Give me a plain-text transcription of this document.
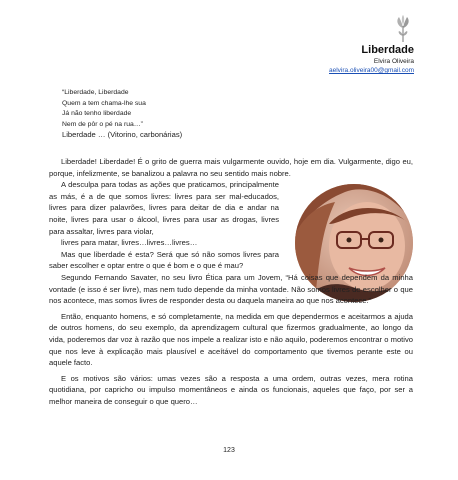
Liberdade
Elvira Oliveira
aelvira.oliveira00@gmail.com
“Liberdade, Liberdade
Quem a tem chama-lhe sua
Já não tenho liberdade
Nem de pôr o pé na rua…”
Liberdade … (Vitorino, carbonárias)

Liberdade! Liberdade! É o grito de guerra mais vulgarmente ouvido, hoje em dia. Vulgarmente, digo eu, porque, infelizmente, se banalizou a palavra no seu sentido mais nobre.

A desculpa para todas as ações que praticamos, principalmente as más, é a de que somos livres: livres para ser mal-educados, livres para dizer palavrões, livres para deitar de dia e andar na noite, livres para usar o álcool, livres para usar as drogas, livres para assaltar, livres para violar,

livres para matar, livres…livres…livres…

Mas que liberdade é esta? Será que só não somos livres para saber escolher e optar entre o que é bom e o que é mau?

Segundo Fernando Savater, no seu livro Ética para um Jovem, “Há coisas que dependem da minha vontade (e isso é ser livre), mas nem tudo depende da minha vontade. Não somos livres de escolher o que nos acontece, mas somos livres de responder desta ou daquela maneira ao que nos acontece.”

Então, enquanto homens, e só completamente, na medida em que dependermos e aceitarmos a ajuda de outros homens, do seu exemplo, da aprendizagem cultural que fizermos gradualmente, ao longo da vida, poderemos dar voz à razão que nos impele a realizar isto e não aquilo, poderemos encontrar o motivo que nos leve à explicação mais plausível e aceítável do comportamento que tivemos perante este ou aquele facto.

E os motivos são vários: umas vezes são a resposta a uma ordem, outras vezes, mera rotina quotidiana, por capricho ou impulso momentâneos e ainda os funcionais, aqueles que faço, por ser a melhor maneira de conseguir o que quero…

123
